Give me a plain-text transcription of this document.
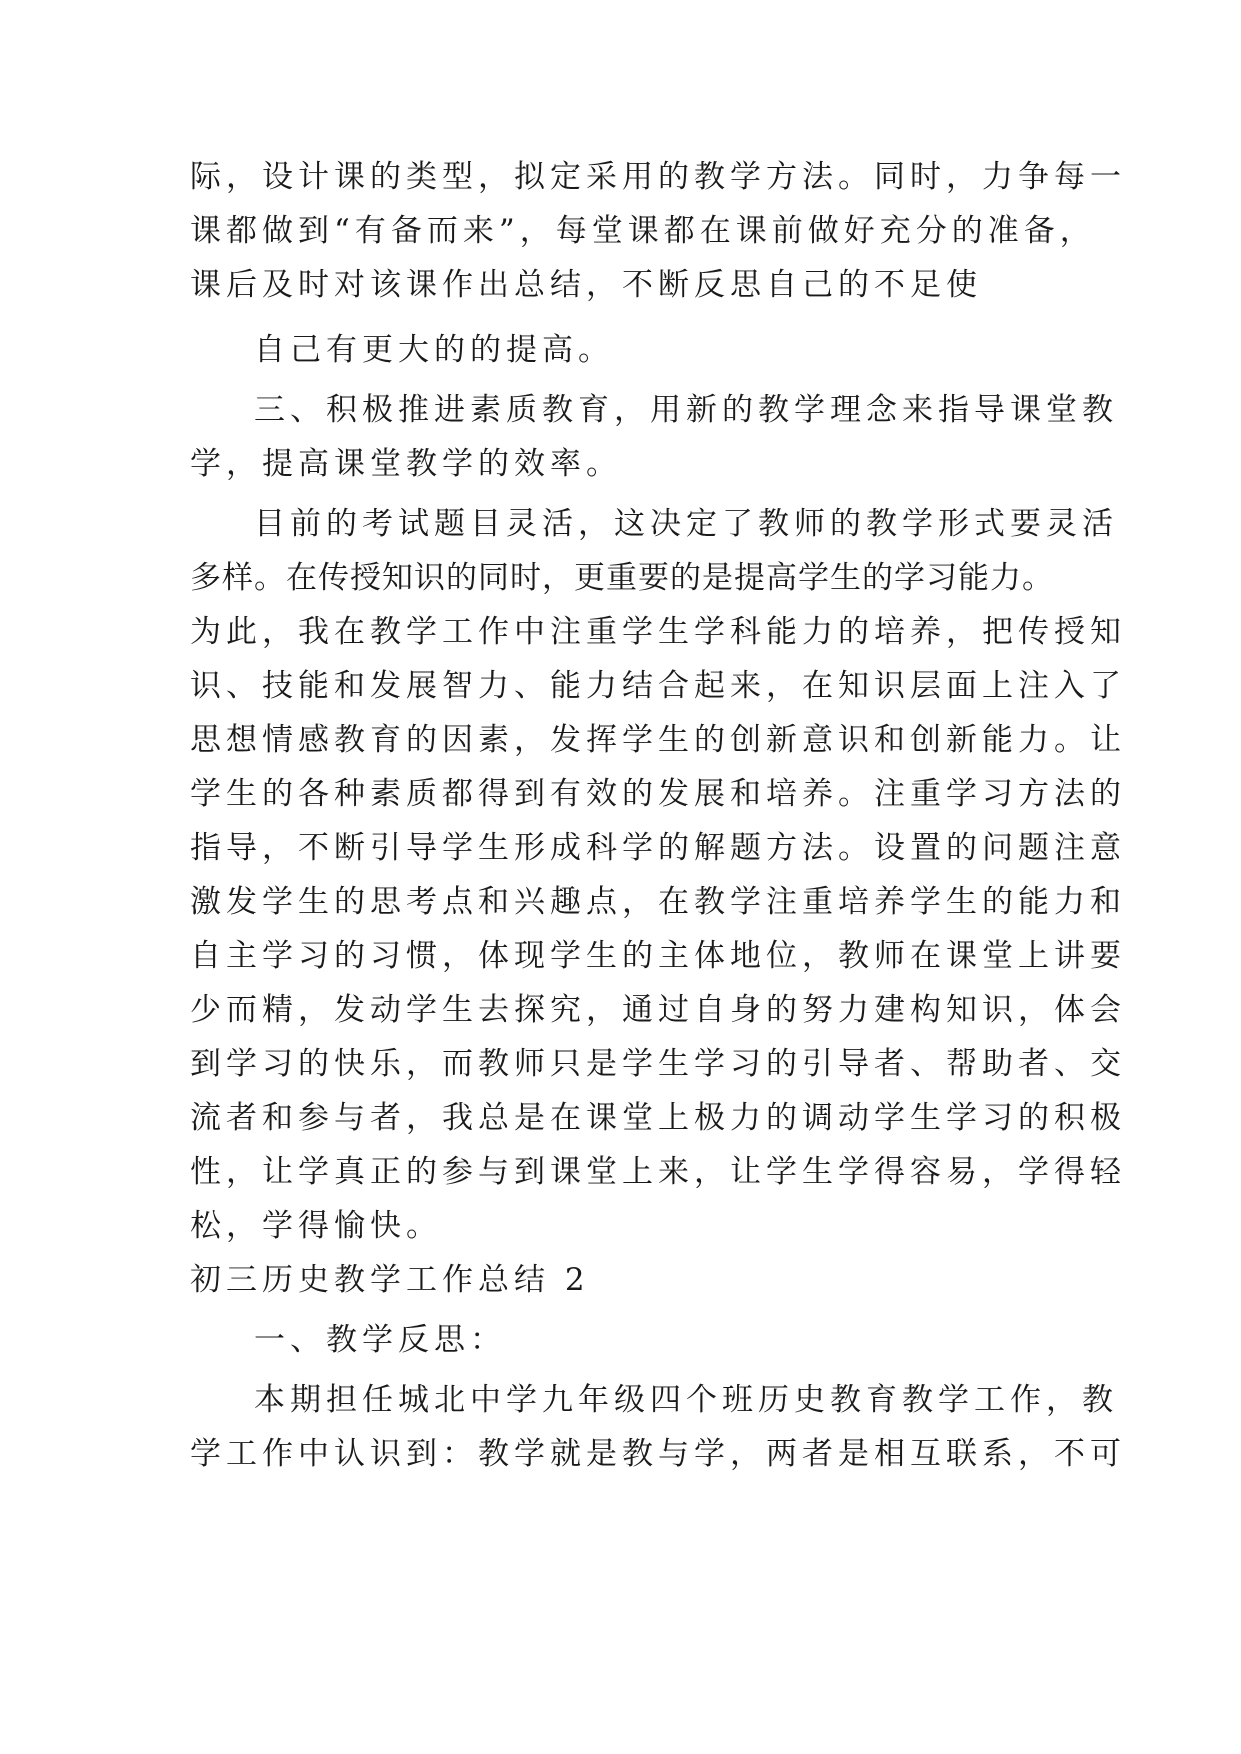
际，设计课的类型，拟定采用的教学方法。同时，力争每一
课都做到“有备而来”，每堂课都在课前做好充分的准备，
课后及时对该课作出总结，不断反思自己的不足使
自己有更大的的提高。
三、积极推进素质教育，用新的教学理念来指导课堂教
学，提高课堂教学的效率。
目前的考试题目灵活，这决定了教师的教学形式要灵活
多样。在传授知识的同时，更重要的是提高学生的学习能力。
为此，我在教学工作中注重学生学科能力的培养，把传授知
识、技能和发展智力、能力结合起来，在知识层面上注入了
思想情感教育的因素，发挥学生的创新意识和创新能力。让
学生的各种素质都得到有效的发展和培养。注重学习方法的
指导，不断引导学生形成科学的解题方法。设置的问题注意
激发学生的思考点和兴趣点，在教学注重培养学生的能力和
自主学习的习惯，体现学生的主体地位，教师在课堂上讲要
少而精，发动学生去探究，通过自身的努力建构知识，体会
到学习的快乐，而教师只是学生学习的引导者、帮助者、交
流者和参与者，我总是在课堂上极力的调动学生学习的积极
性，让学真正的参与到课堂上来，让学生学得容易，学得轻
松，学得愉快。
初三历史教学工作总结 2
一、教学反思：
本期担任城北中学九年级四个班历史教育教学工作，教
学工作中认识到：教学就是教与学，两者是相互联系，不可
